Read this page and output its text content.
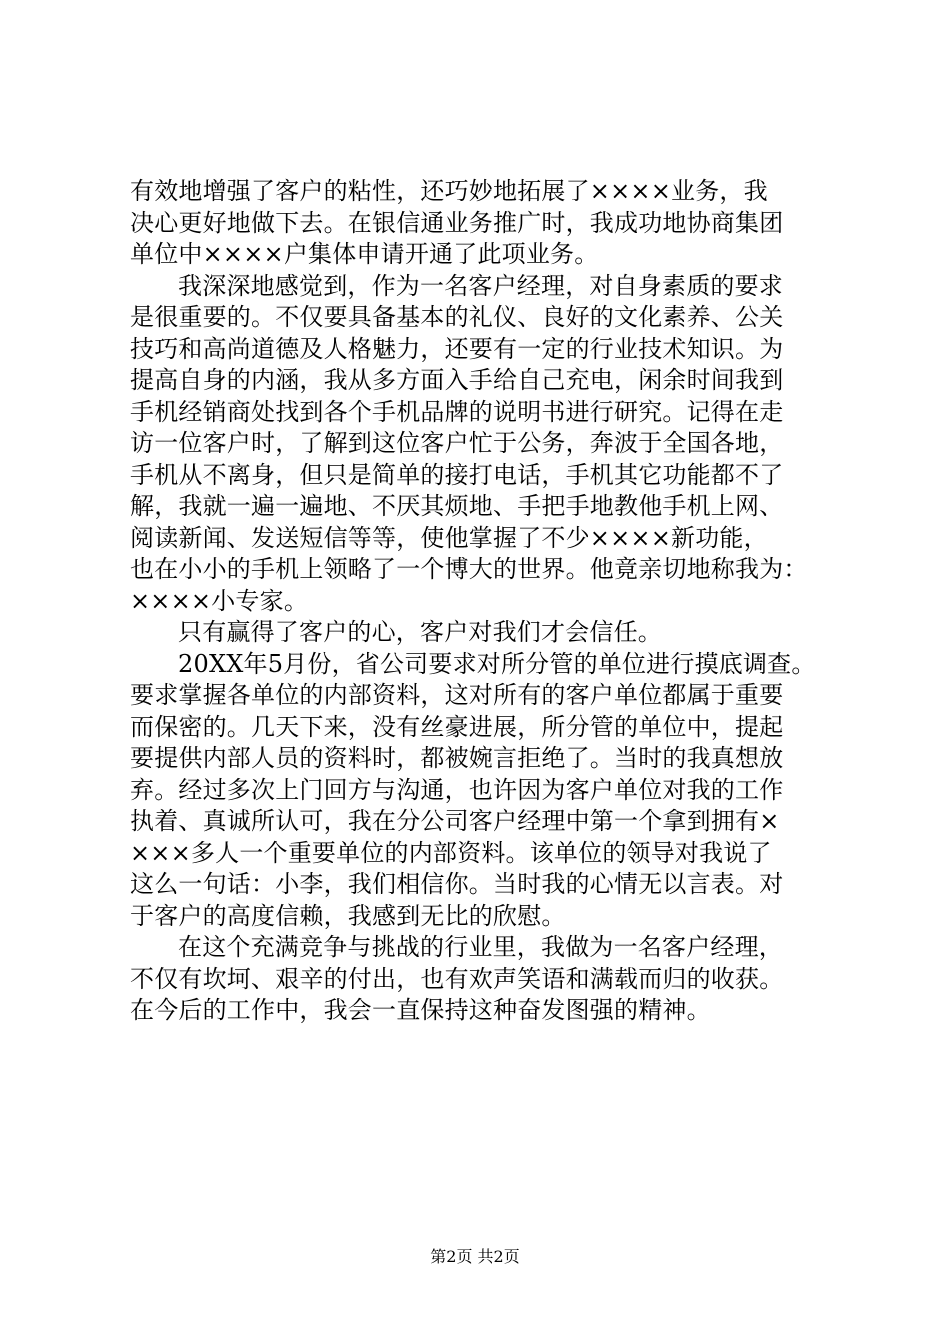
有效地增强了客户的粘性，还巧妙地拓展了××××业务，我
决心更好地做下去。在银信通业务推广时，我成功地协商集团
单位中××××户集体申请开通了此项业务。
我深深地感觉到，作为一名客户经理，对自身素质的要求
是很重要的。不仅要具备基本的礼仪、良好的文化素养、公关
技巧和高尚道德及人格魅力，还要有一定的行业技术知识。为
提高自身的内涵，我从多方面入手给自己充电，闲余时间我到
手机经销商处找到各个手机品牌的说明书进行研究。记得在走
访一位客户时，了解到这位客户忙于公务，奔波于全国各地，
手机从不离身，但只是简单的接打电话，手机其它功能都不了
解，我就一遍一遍地、不厌其烦地、手把手地教他手机上网、
阅读新闻、发送短信等等，使他掌握了不少××××新功能，
也在小小的手机上领略了一个博大的世界。他竟亲切地称我为：
××××小专家。
只有赢得了客户的心，客户对我们才会信任。
20XX年5月份，省公司要求对所分管的单位进行摸底调查。
要求掌握各单位的内部资料，这对所有的客户单位都属于重要
而保密的。几天下来，没有丝豪进展，所分管的单位中，提起
要提供内部人员的资料时，都被婉言拒绝了。当时的我真想放
弃。经过多次上门回方与沟通，也许因为客户单位对我的工作
执着、真诚所认可，我在分公司客户经理中第一个拿到拥有×
×××多人一个重要单位的内部资料。该单位的领导对我说了
这么一句话：小李，我们相信你。当时我的心情无以言表。对
于客户的高度信赖，我感到无比的欣慰。
在这个充满竞争与挑战的行业里，我做为一名客户经理，
不仅有坎坷、艰辛的付出，也有欢声笑语和满载而归的收获。
在今后的工作中，我会一直保持这种奋发图强的精神。
第2页 共2页
